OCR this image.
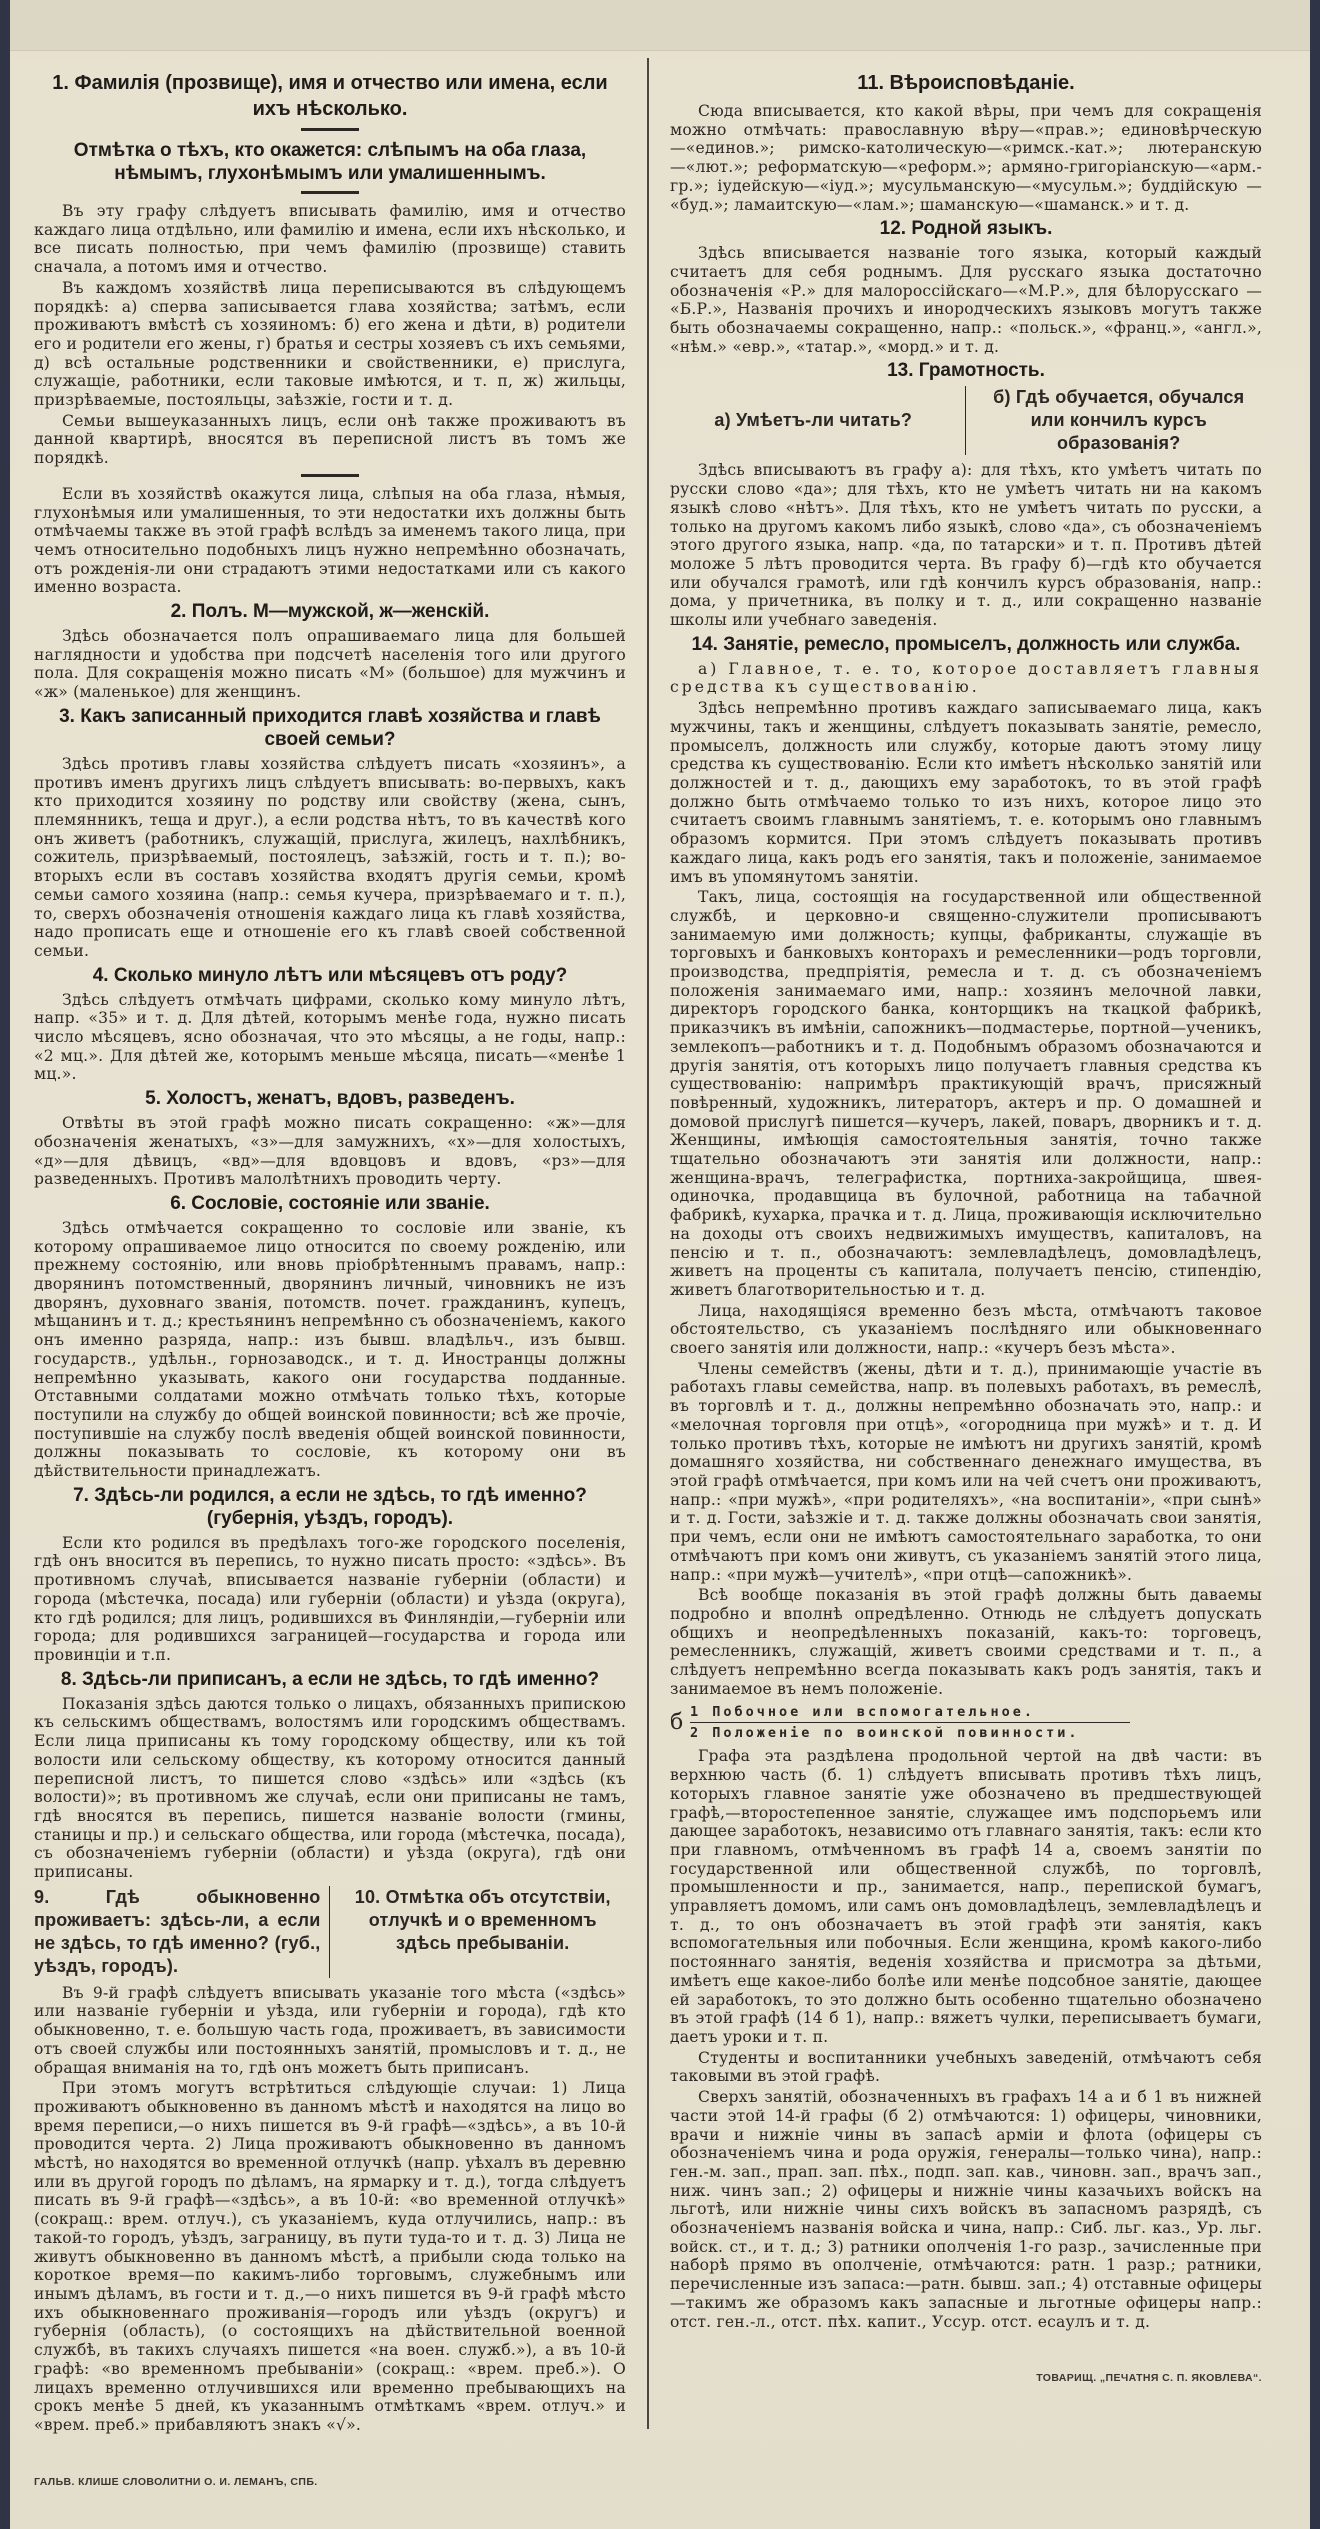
1. Фамилія (прозвище), имя и отчество или имена, если ихъ нѣсколько.
Отмѣтка о тѣхъ, кто окажется: слѣпымъ на оба глаза, нѣмымъ, глухонѣмымъ или умалишеннымъ.
Въ эту графу слѣдуетъ вписывать фамилію, имя и отчество каждаго лица отдѣльно, или фамилію и имена, если ихъ нѣсколько, и все писать полностью, при чемъ фамилію (прозвище) ставить сначала, а потомъ имя и отчество.
Въ каждомъ хозяйствѣ лица переписываются въ слѣдующемъ порядкѣ: а) сперва записывается глава хозяйства; затѣмъ, если проживаютъ вмѣстѣ съ хозяиномъ: б) его жена и дѣти, в) родители его и родители его жены, г) братья и сестры хозяевъ съ ихъ семьями, д) всѣ остальные родственники и свойственники, е) прислуга, служащіе, работники, если таковые имѣются, и т. п, ж) жильцы, призрѣваемые, постояльцы, заѣзжіе, гости и т. д.
Семьи вышеуказанныхъ лицъ, если онѣ также проживаютъ въ данной квартирѣ, вносятся въ переписной листъ въ томъ же порядкѣ.
Если въ хозяйствѣ окажутся лица, слѣпыя на оба глаза, нѣмыя, глухонѣмыя или умалишенныя, то эти недостатки ихъ должны быть отмѣчаемы также въ этой графѣ вслѣдъ за именемъ такого лица, при чемъ относительно подобныхъ лицъ нужно непремѣнно обозначать, отъ рожденія-ли они страдаютъ этими недостатками или съ какого именно возраста.
2. Полъ. М—мужской, ж—женскій.
Здѣсь обозначается полъ опрашиваемаго лица для большей наглядности и удобства при подсчетѣ населенія того или другого пола. Для сокращенія можно писать «М» (большое) для мужчинъ и «ж» (маленькое) для женщинъ.
3. Какъ записанный приходится главѣ хозяйства и главѣ своей семьи?
Здѣсь противъ главы хозяйства слѣдуетъ писать «хозяинъ», а противъ именъ другихъ лицъ слѣдуетъ вписывать: во-первыхъ, какъ кто приходится хозяину по родству или свойству (жена, сынъ, племянникъ, теща и друг.), а если родства нѣтъ, то въ качествѣ кого онъ живетъ (работникъ, служащій, прислуга, жилецъ, нахлѣбникъ, сожитель, призрѣваемый, постоялецъ, заѣзжій, гость и т. п.); во-вторыхъ если въ составъ хозяйства входятъ другія семьи, кромѣ семьи самого хозяина (напр.: семья кучера, призрѣваемаго и т. п.), то, сверхъ обозначенія отношенія каждаго лица къ главѣ хозяйства, надо прописать еще и отношеніе его къ главѣ своей собственной семьи.
4. Сколько минуло лѣтъ или мѣсяцевъ отъ роду?
Здѣсь слѣдуетъ отмѣчать цифрами, сколько кому минуло лѣтъ, напр. «35» и т. д. Для дѣтей, которымъ менѣе года, нужно писать число мѣсяцевъ, ясно обозначая, что это мѣсяцы, а не годы, напр.: «2 мц.». Для дѣтей же, которымъ меньше мѣсяца, писать—«менѣе 1 мц.».
5. Холостъ, женатъ, вдовъ, разведенъ.
Отвѣты въ этой графѣ можно писать сокращенно: «ж»—для обозначенія женатыхъ, «з»—для замужнихъ, «х»—для холостыхъ, «д»—для дѣвицъ, «вд»—для вдовцовъ и вдовъ, «рз»—для разведенныхъ. Противъ малолѣтнихъ проводить черту.
6. Сословіе, состояніе или званіе.
Здѣсь отмѣчается сокращенно то сословіе или званіе, къ которому опрашиваемое лицо относится по своему рожденію, или прежнему состоянію, или вновь пріобрѣтеннымъ правамъ, напр.: дворянинъ потомственный, дворянинъ личный, чиновникъ не изъ дворянъ, духовнаго званія, потомств. почет. гражданинъ, купецъ, мѣщанинъ и т. д.; крестьянинъ непремѣнно съ обозначеніемъ, какого онъ именно разряда, напр.: изъ бывш. владѣльч., изъ бывш. государств., удѣльн., горнозаводск., и т. д. Иностранцы должны непремѣнно указывать, какого они государства подданные. Отставными солдатами можно отмѣчать только тѣхъ, которые поступили на службу до общей воинской повинности; всѣ же прочіе, поступившіе на службу послѣ введенія общей воинской повинности, должны показывать то сословіе, къ которому они въ дѣйствительности принадлежатъ.
7. Здѣсь-ли родился, а если не здѣсь, то гдѣ именно? (губернія, уѣздъ, городъ).
Если кто родился въ предѣлахъ того-же городского поселенія, гдѣ онъ вносится въ перепись, то нужно писать просто: «здѣсь». Въ противномъ случаѣ, вписывается названіе губерніи (области) и города (мѣстечка, посада) или губерніи (области) и уѣзда (округа), кто гдѣ родился; для лицъ, родившихся въ Финляндіи,—губерніи или города; для родившихся заграницей—государства и города или провинціи и т.п.
8. Здѣсь-ли приписанъ, а если не здѣсь, то гдѣ именно?
Показанія здѣсь даются только о лицахъ, обязанныхъ припискою къ сельскимъ обществамъ, волостямъ или городскимъ обществамъ. Если лица приписаны къ тому городскому обществу, или къ той волости или сельскому обществу, къ которому относится данный переписной листъ, то пишется слово «здѣсь» или «здѣсь (къ волости)»; въ противномъ же случаѣ, если они приписаны не тамъ, гдѣ вносятся въ перепись, пишется названіе волости (гмины, станицы и пр.) и сельскаго общества, или города (мѣстечка, посада), съ обозначеніемъ губерніи (области) и уѣзда (округа), гдѣ они приписаны.
9. Гдѣ обыкновенно проживаетъ: здѣсь-ли, а если не здѣсь, то гдѣ именно? (губ., уѣздъ, городъ).
10. Отмѣтка объ отсутствіи, отлучкѣ и о временномъ здѣсь пребываніи.
Въ 9-й графѣ слѣдуетъ вписывать указаніе того мѣста («здѣсь» или названіе губерніи и уѣзда, или губерніи и города), гдѣ кто обыкновенно, т. е. большую часть года, проживаетъ, въ зависимости отъ своей службы или постоянныхъ занятій, промысловъ и т. д., не обращая вниманія на то, гдѣ онъ можетъ быть приписанъ.
При этомъ могутъ встрѣтиться слѣдующіе случаи: 1) Лица проживаютъ обыкновенно въ данномъ мѣстѣ и находятся на лицо во время переписи,—о нихъ пишется въ 9-й графѣ—«здѣсь», а въ 10-й проводится черта. 2) Лица проживаютъ обыкновенно въ данномъ мѣстѣ, но находятся во временной отлучкѣ (напр. уѣхалъ въ деревню или въ другой городъ по дѣламъ, на ярмарку и т. д.), тогда слѣдуетъ писать въ 9-й графѣ—«здѣсь», а въ 10-й: «во временной отлучкѣ» (сокращ.: врем. отлуч.), съ указаніемъ, куда отлучились, напр.: въ такой-то городъ, уѣздъ, заграницу, въ пути туда-то и т. д. 3) Лица не живутъ обыкновенно въ данномъ мѣстѣ, а прибыли сюда только на короткое время—по какимъ-либо торговымъ, служебнымъ или инымъ дѣламъ, въ гости и т. д.,—о нихъ пишется въ 9-й графѣ мѣсто ихъ обыкновеннаго проживанія—городъ или уѣздъ (округъ) и губернія (область), (о состоящихъ на дѣйствительной военной службѣ, въ такихъ случаяхъ пишется «на воен. служб.»), а въ 10-й графѣ: «во временномъ пребываніи» (сокращ.: «врем. преб.»). О лицахъ временно отлучившихся или временно пребывающихъ на срокъ менѣе 5 дней, къ указаннымъ отмѣткамъ «врем. отлуч.» и «врем. преб.» прибавляютъ знакъ «√».
ГАЛЬВ. КЛИШЕ СЛОВОЛИТНИ О. И. ЛЕМАНЪ, СПБ.
11. Вѣроисповѣданіе.
Сюда вписывается, кто какой вѣры, при чемъ для сокращенія можно отмѣчать: православную вѣру—«прав.»; единовѣрческую—«единов.»; римско-католическую—«римск.-кат.»; лютеранскую—«лют.»; реформатскую—«реформ.»; армяно-григоріанскую—«арм.-гр.»; іудейскую—«іуд.»; мусульманскую—«мусульм.»; буддійскую — «буд.»; ламаитскую—«лам.»; шаманскую—«шаманск.» и т. д.
12. Родной языкъ.
Здѣсь вписывается названіе того языка, который каждый считаетъ для себя роднымъ. Для русскаго языка достаточно обозначенія «Р.» для малороссійскаго—«М.Р.», для бѣлорусскаго — «Б.Р.», Названія прочихъ и инородческихъ языковъ могутъ также быть обозначаемы сокращенно, напр.: «польск.», «франц.», «англ.», «нѣм.» «евр.», «татар.», «морд.» и т. д.
13. Грамотность.
а) Умѣетъ-ли читать?
б) Гдѣ обучается, обучался или кончилъ курсъ образованія?
Здѣсь вписываютъ въ графу а): для тѣхъ, кто умѣетъ читать по русски слово «да»; для тѣхъ, кто не умѣетъ читать ни на какомъ языкѣ слово «нѣтъ». Для тѣхъ, кто не умѣетъ читать по русски, а только на другомъ какомъ либо языкѣ, слово «да», съ обозначеніемъ этого другого языка, напр. «да, по татарски» и т. п. Противъ дѣтей моложе 5 лѣтъ проводится черта. Въ графу б)—гдѣ кто обучается или обучался грамотѣ, или гдѣ кончилъ курсъ образованія, напр.: дома, у причетника, въ полку и т. д., или сокращенно названіе школы или учебнаго заведенія.
14. Занятіе, ремесло, промыселъ, должность или служба.
а) Главное, т. е. то, которое доставляетъ главныя средства къ существованію.
Здѣсь непремѣнно противъ каждаго записываемаго лица, какъ мужчины, такъ и женщины, слѣдуетъ показывать занятіе, ремесло, промыселъ, должность или службу, которые даютъ этому лицу средства къ существованію. Если кто имѣетъ нѣсколько занятій или должностей и т. д., дающихъ ему заработокъ, то въ этой графѣ должно быть отмѣчаемо только то изъ нихъ, которое лицо это считаетъ своимъ главнымъ занятіемъ, т. е. которымъ оно главнымъ образомъ кормится. При этомъ слѣдуетъ показывать противъ каждаго лица, какъ родъ его занятія, такъ и положеніе, занимаемое имъ въ упомянутомъ занятіи.
Такъ, лица, состоящія на государственной или общественной службѣ, и церковно-и священно-служители прописываютъ занимаемую ими должность; купцы, фабриканты, служащіе въ торговыхъ и банковыхъ конторахъ и ремесленники—родъ торговли, производства, предпріятія, ремесла и т. д. съ обозначеніемъ положенія занимаемаго ими, напр.: хозяинъ мелочной лавки, директоръ городского банка, конторщикъ на ткацкой фабрикѣ, приказчикъ въ имѣніи, сапожникъ—подмастерье, портной—ученикъ, землекопъ—работникъ и т. д. Подобнымъ образомъ обозначаются и другія занятія, отъ которыхъ лицо получаетъ главныя средства къ существованію: напримѣръ практикующій врачъ, присяжный повѣренный, художникъ, литераторъ, актеръ и пр. О домашней и домовой прислугѣ пишется—кучеръ, лакей, поваръ, дворникъ и т. д. Женщины, имѣющія самостоятельныя занятія, точно также тщательно обозначаютъ эти занятія или должности, напр.: женщина-врачъ, телеграфистка, портниха-закройщица, швея-одиночка, продавщица въ булочной, работница на табачной фабрикѣ, кухарка, прачка и т. д. Лица, проживающія исключительно на доходы отъ своихъ недвижимыхъ имуществъ, капиталовъ, на пенсію и т. п., обозначаютъ: землевладѣлецъ, домовладѣлецъ, живетъ на проценты съ капитала, получаетъ пенсію, стипендію, живетъ благотворительностью и т. д.
Лица, находящіяся временно безъ мѣста, отмѣчаютъ таковое обстоятельство, съ указаніемъ послѣдняго или обыкновеннаго своего занятія или должности, напр.: «кучеръ безъ мѣста».
Члены семействъ (жены, дѣти и т. д.), принимающіе участіе въ работахъ главы семейства, напр. въ полевыхъ работахъ, въ ремеслѣ, въ торговлѣ и т. д., должны непремѣнно обозначать это, напр.: и «мелочная торговля при отцѣ», «огородница при мужѣ» и т. д. И только противъ тѣхъ, которые не имѣютъ ни другихъ занятій, кромѣ домашняго хозяйства, ни собственнаго денежнаго имущества, въ этой графѣ отмѣчается, при комъ или на чей счетъ они проживаютъ, напр.: «при мужѣ», «при родителяхъ», «на воспитаніи», «при сынѣ» и т. д. Гости, заѣзжіе и т. д. также должны обозначать свои занятія, при чемъ, если они не имѣютъ самостоятельнаго заработка, то они отмѣчаютъ при комъ они живутъ, съ указаніемъ занятій этого лица, напр.: «при мужѣ—учителѣ», «при отцѣ—сапожникѣ».
Всѣ вообще показанія въ этой графѣ должны быть даваемы подробно и вполнѣ опредѣленно. Отнюдь не слѣдуетъ допускать общихъ и неопредѣленныхъ показаній, какъ-то: торговецъ, ремесленникъ, служащій, живетъ своими средствами и т. п., а слѣдуетъ непремѣнно всегда показывать какъ родъ занятія, такъ и занимаемое въ немъ положеніе.
б 1 Побочное или вспомогательное.
2 Положеніе по воинской повинности.
Графа эта раздѣлена продольной чертой на двѣ части: въ верхнюю часть (б. 1) слѣдуетъ вписывать противъ тѣхъ лицъ, которыхъ главное занятіе уже обозначено въ предшествующей графѣ,—второстепенное занятіе, служащее имъ подспорьемъ или дающее заработокъ, независимо отъ главнаго занятія, такъ: если кто при главномъ, отмѣченномъ въ графѣ 14 а, своемъ занятіи по государственной или общественной службѣ, по торговлѣ, промышленности и пр., занимается, напр., перепиской бумагъ, управляетъ домомъ, или самъ онъ домовладѣлецъ, землевладѣлецъ и т. д., то онъ обозначаетъ въ этой графѣ эти занятія, какъ вспомогательныя или побочныя. Если женщина, кромѣ какого-либо постояннаго занятія, веденія хозяйства и присмотра за дѣтьми, имѣетъ еще какое-либо болѣе или менѣе подсобное занятіе, дающее ей заработокъ, то это должно быть особенно тщательно обозначено въ этой графѣ (14 б 1), напр.: вяжетъ чулки, переписываетъ бумаги, даетъ уроки и т. п.
Студенты и воспитанники учебныхъ заведеній, отмѣчаютъ себя таковыми въ этой графѣ.
Сверхъ занятій, обозначенныхъ въ графахъ 14 а и б 1 въ нижней части этой 14-й графы (б 2) отмѣчаются: 1) офицеры, чиновники, врачи и нижніе чины въ запасѣ арміи и флота (офицеры съ обозначеніемъ чина и рода оружія, генералы—только чина), напр.: ген.-м. зап., прап. зап. пѣх., подп. зап. кав., чиновн. зап., врачъ зап., ниж. чинъ зап.; 2) офицеры и нижніе чины казачьихъ войскъ на льготѣ, или нижніе чины сихъ войскъ въ запасномъ разрядѣ, съ обозначеніемъ названія войска и чина, напр.: Сиб. льг. каз., Ур. льг. войск. ст., и т. д.; 3) ратники ополченія 1-го разр., зачисленные при наборѣ прямо въ ополченіе, отмѣчаются: ратн. 1 разр.; ратники, перечисленные изъ запаса:—ратн. бывш. зап.; 4) отставные офицеры—такимъ же образомъ какъ запасные и льготные офицеры напр.: отст. ген.-л., отст. пѣх. капит., Уссур. отст. есаулъ и т. д.
ТОВАРИЩ. „ПЕЧАТНЯ С. П. ЯКОВЛЕВА“.
